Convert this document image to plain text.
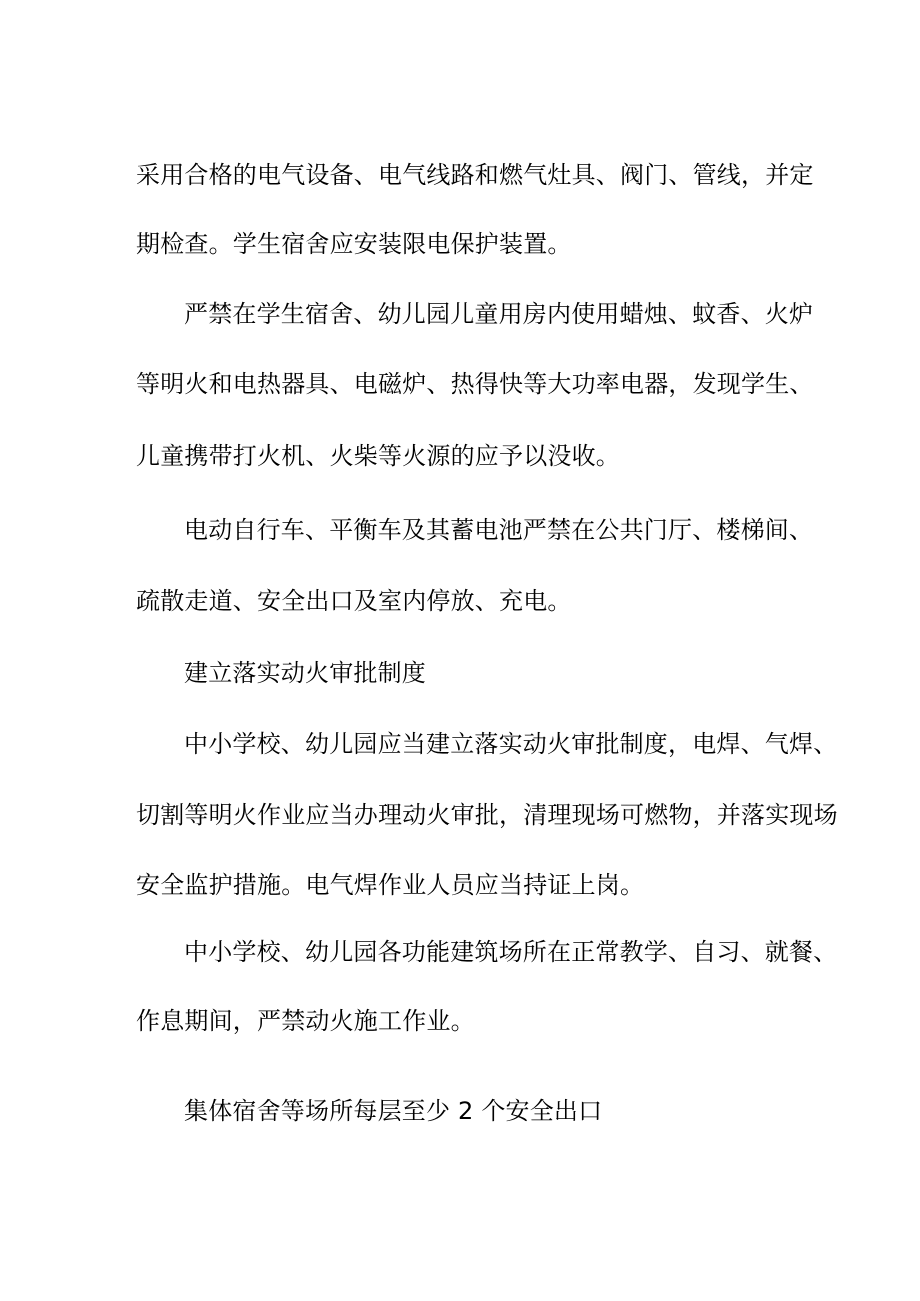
采用合格的电气设备、电气线路和燃气灶具、阀门、管线，并定
期检查。学生宿舍应安装限电保护装置。
严禁在学生宿舍、幼儿园儿童用房内使用蜡烛、蚊香、火炉
等明火和电热器具、电磁炉、热得快等大功率电器，发现学生、
儿童携带打火机、火柴等火源的应予以没收。
电动自行车、平衡车及其蓄电池严禁在公共门厅、楼梯间、
疏散走道、安全出口及室内停放、充电。
建立落实动火审批制度
中小学校、幼儿园应当建立落实动火审批制度，电焊、气焊、
切割等明火作业应当办理动火审批，清理现场可燃物，并落实现场
安全监护措施。电气焊作业人员应当持证上岗。
中小学校、幼儿园各功能建筑场所在正常教学、自习、就餐、
作息期间，严禁动火施工作业。
集体宿舍等场所每层至少 2 个安全出口
